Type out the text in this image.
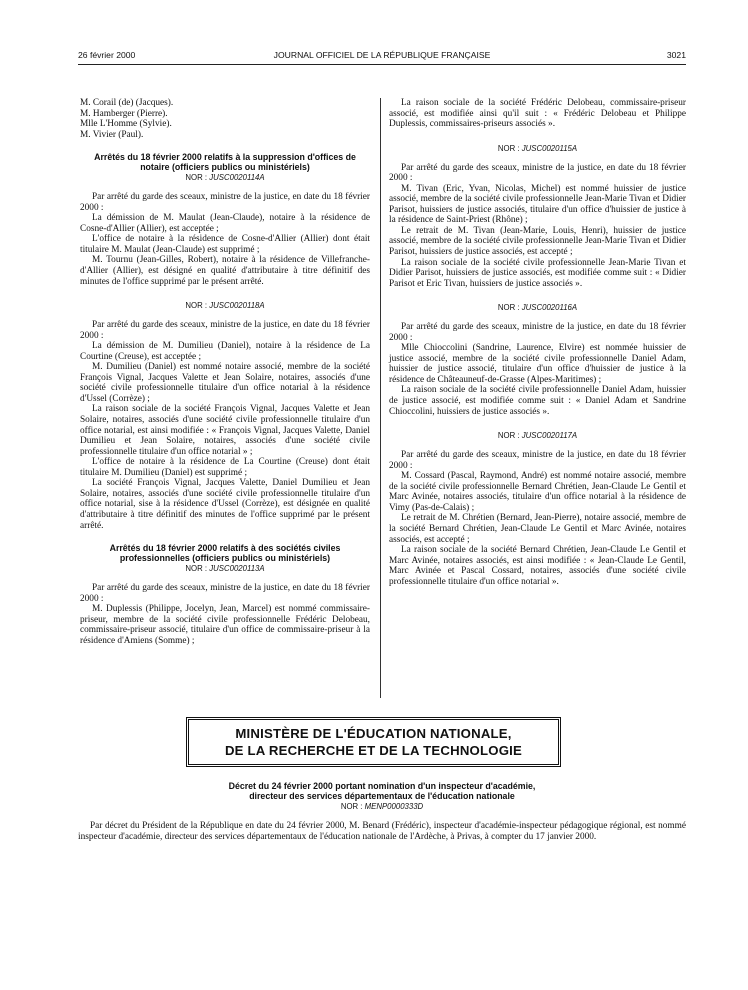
26 février 2000	JOURNAL OFFICIEL DE LA RÉPUBLIQUE FRANÇAISE	3021

M. Corail (de) (Jacques).

M. Hamberger (Pierre).

Mlle L'Homme (Sylvie).

M. Vivier (Paul).

Arrêtés du 18 février 2000 relatifs à la suppression d'offices de notaire (officiers publics ou ministériels)
NOR : JUSC0020114A

Par arrêté du garde des sceaux, ministre de la justice, en date du 18 février 2000 :

La démission de M. Maulat (Jean-Claude), notaire à la résidence de Cosne-d'Allier (Allier), est acceptée ;

L'office de notaire à la résidence de Cosne-d'Allier (Allier) dont était titulaire M. Maulat (Jean-Claude) est supprimé ;

M. Tournu (Jean-Gilles, Robert), notaire à la résidence de Villefranche-d'Allier (Allier), est désigné en qualité d'attributaire à titre définitif des minutes de l'office supprimé par le présent arrêté.

NOR : JUSC0020118A

Par arrêté du garde des sceaux, ministre de la justice, en date du 18 février 2000 :

La démission de M. Dumilieu (Daniel), notaire à la résidence de La Courtine (Creuse), est acceptée ;

M. Dumilieu (Daniel) est nommé notaire associé, membre de la société François Vignal, Jacques Valette et Jean Solaire, notaires, associés d'une société civile professionnelle titulaire d'un office notarial à la résidence d'Ussel (Corrèze) ;

La raison sociale de la société François Vignal, Jacques Valette et Jean Solaire, notaires, associés d'une société civile professionnelle titulaire d'un office notarial, est ainsi modifiée : « François Vignal, Jacques Valette, Daniel Dumilieu et Jean Solaire, notaires, associés d'une société civile professionnelle titulaire d'un office notarial » ;

L'office de notaire à la résidence de La Courtine (Creuse) dont était titulaire M. Dumilieu (Daniel) est supprimé ;

La société François Vignal, Jacques Valette, Daniel Dumilieu et Jean Solaire, notaires, associés d'une société civile professionnelle titulaire d'un office notarial, sise à la résidence d'Ussel (Corrèze), est désignée en qualité d'attributaire à titre définitif des minutes de l'office supprimé par le présent arrêté.

Arrêtés du 18 février 2000 relatifs à des sociétés civiles professionnelles (officiers publics ou ministériels)
NOR : JUSC0020113A

Par arrêté du garde des sceaux, ministre de la justice, en date du 18 février 2000 :

M. Duplessis (Philippe, Jocelyn, Jean, Marcel) est nommé commissaire-priseur, membre de la société civile professionnelle Frédéric Delobeau, commissaire-priseur associé, titulaire d'un office de commissaire-priseur à la résidence d'Amiens (Somme) ;

La raison sociale de la société Frédéric Delobeau, commissaire-priseur associé, est modifiée ainsi qu'il suit : « Frédéric Delobeau et Philippe Duplessis, commissaires-priseurs associés ».

NOR : JUSC0020115A

Par arrêté du garde des sceaux, ministre de la justice, en date du 18 février 2000 :

M. Tivan (Eric, Yvan, Nicolas, Michel) est nommé huissier de justice associé, membre de la société civile professionnelle Jean-Marie Tivan et Didier Parisot, huissiers de justice associés, titulaire d'un office d'huissier de justice à la résidence de Saint-Priest (Rhône) ;

Le retrait de M. Tivan (Jean-Marie, Louis, Henri), huissier de justice associé, membre de la société civile professionnelle Jean-Marie Tivan et Didier Parisot, huissiers de justice associés, est accepté ;

La raison sociale de la société civile professionnelle Jean-Marie Tivan et Didier Parisot, huissiers de justice associés, est modifiée comme suit : « Didier Parisot et Eric Tivan, huissiers de justice associés ».

NOR : JUSC0020116A

Par arrêté du garde des sceaux, ministre de la justice, en date du 18 février 2000 :

Mlle Chioccolini (Sandrine, Laurence, Elvire) est nommée huissier de justice associé, membre de la société civile professionnelle Daniel Adam, huissier de justice associé, titulaire d'un office d'huissier de justice à la résidence de Châteauneuf-de-Grasse (Alpes-Maritimes) ;

La raison sociale de la société civile professionnelle Daniel Adam, huissier de justice associé, est modifiée comme suit : « Daniel Adam et Sandrine Chioccolini, huissiers de justice associés ».

NOR : JUSC0020117A

Par arrêté du garde des sceaux, ministre de la justice, en date du 18 février 2000 :

M. Cossard (Pascal, Raymond, André) est nommé notaire associé, membre de la société civile professionnelle Bernard Chrétien, Jean-Claude Le Gentil et Marc Avinée, notaires associés, titulaire d'un office notarial à la résidence de Vimy (Pas-de-Calais) ;

Le retrait de M. Chrétien (Bernard, Jean-Pierre), notaire associé, membre de la société Bernard Chrétien, Jean-Claude Le Gentil et Marc Avinée, notaires associés, est accepté ;

La raison sociale de la société Bernard Chrétien, Jean-Claude Le Gentil et Marc Avinée, notaires associés, est ainsi modifiée : « Jean-Claude Le Gentil, Marc Avinée et Pascal Cossard, notaires, associés d'une société civile professionnelle titulaire d'un office notarial ».

MINISTÈRE DE L'ÉDUCATION NATIONALE,
DE LA RECHERCHE ET DE LA TECHNOLOGIE
Décret du 24 février 2000 portant nomination d'un inspecteur d'académie,
directeur des services départementaux de l'éducation nationale
NOR : MENP0000333D

Par décret du Président de la République en date du 24 février 2000, M. Benard (Frédéric), inspecteur d'académie-inspecteur pédagogique régional, est nommé inspecteur d'académie, directeur des services départementaux de l'éducation nationale de l'Ardèche, à Privas, à compter du 17 janvier 2000.
